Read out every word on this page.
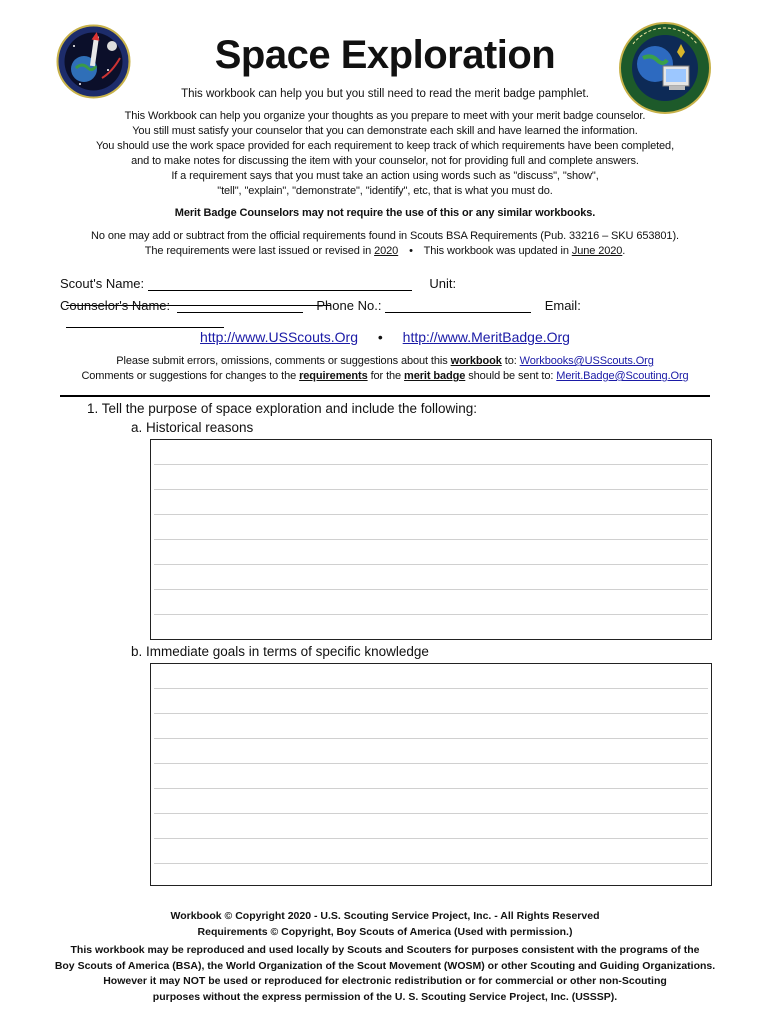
Space Exploration
This workbook can help you but you still need to read the merit badge pamphlet.
This Workbook can help you organize your thoughts as you prepare to meet with your merit badge counselor.
You still must satisfy your counselor that you can demonstrate each skill and have learned the information.
You should use the work space provided for each requirement to keep track of which requirements have been completed,
and to make notes for discussing the item with your counselor, not for providing full and complete answers.
If a requirement says that you must take an action using words such as "discuss", "show",
"tell", "explain", "demonstrate", "identify", etc, that is what you must do.
Merit Badge Counselors may not require the use of this or any similar workbooks.
No one may add or subtract from the official requirements found in Scouts BSA Requirements (Pub. 33216 – SKU 653801).
The requirements were last issued or revised in 2020 • This workbook was updated in June 2020.
Scout's Name:	Unit:
Counselor's Name:	Phone No.:	Email:
http://www.USScouts.Org • http://www.MeritBadge.Org
Please submit errors, omissions, comments or suggestions about this workbook to: Workbooks@USScouts.Org
Comments or suggestions for changes to the requirements for the merit badge should be sent to: Merit.Badge@Scouting.Org
1. Tell the purpose of space exploration and include the following:
a. Historical reasons
b. Immediate goals in terms of specific knowledge
Workbook © Copyright 2020 - U.S. Scouting Service Project, Inc. - All Rights Reserved
Requirements © Copyright, Boy Scouts of America (Used with permission.)
This workbook may be reproduced and used locally by Scouts and Scouters for purposes consistent with the programs of the
Boy Scouts of America (BSA), the World Organization of the Scout Movement (WOSM) or other Scouting and Guiding Organizations.
However it may NOT be used or reproduced for electronic redistribution or for commercial or other non-Scouting
purposes without the express permission of the U. S. Scouting Service Project, Inc. (USSSP).
